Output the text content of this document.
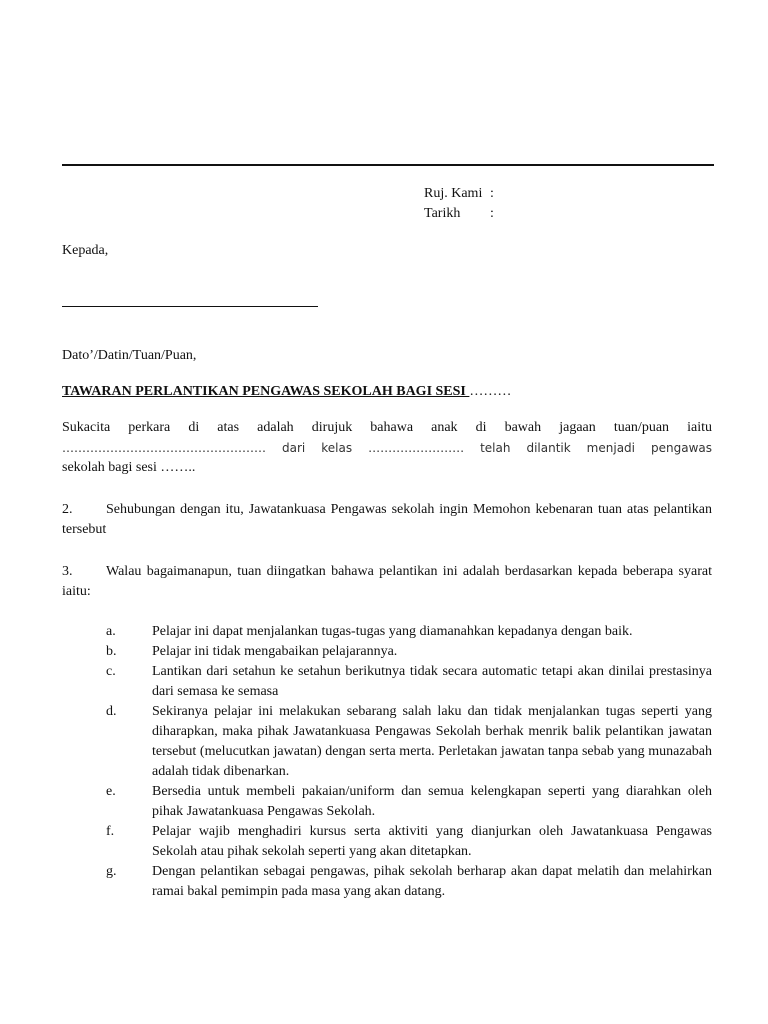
Ruj. Kami :
Tarikh	:
Kepada,
Dato’/Datin/Tuan/Puan,
TAWARAN PERLANTIKAN PENGAWAS SEKOLAH BAGI SESI ………
Sukacita perkara di atas adalah dirujuk bahawa anak di bawah jagaan tuan/puan iaitu
…………………………………………… dari kelas …………………… telah dilantik menjadi pengawas
sekolah bagi sesi ……..
2. Sehubungan dengan itu, Jawatankuasa Pengawas sekolah ingin Memohon kebenaran tuan atas pelantikan tersebut
3. Walau bagaimanapun, tuan diingatkan bahawa pelantikan ini adalah berdasarkan kepada beberapa syarat iaitu:
a.	Pelajar ini dapat menjalankan tugas-tugas yang diamanahkan kepadanya dengan baik.
b.	Pelajar ini tidak mengabaikan pelajarannya.
c.	Lantikan dari setahun ke setahun berikutnya tidak secara automatic tetapi akan dinilai prestasinya dari semasa ke semasa
d.	Sekiranya pelajar ini melakukan sebarang salah laku dan tidak menjalankan tugas seperti yang diharapkan, maka pihak Jawatankuasa Pengawas Sekolah berhak menrik balik pelantikan jawatan tersebut (melucutkan jawatan) dengan serta merta. Perletakan jawatan tanpa sebab yang munazabah adalah tidak dibenarkan.
e.	Bersedia untuk membeli pakaian/uniform dan semua kelengkapan seperti yang diarahkan oleh pihak Jawatankuasa Pengawas Sekolah.
f.	Pelajar wajib menghadiri kursus serta aktiviti yang dianjurkan oleh Jawatankuasa Pengawas Sekolah atau pihak sekolah seperti yang akan ditetapkan.
g.	Dengan pelantikan sebagai pengawas, pihak sekolah berharap akan dapat melatih dan melahirkan ramai bakal pemimpin pada masa yang akan datang.
